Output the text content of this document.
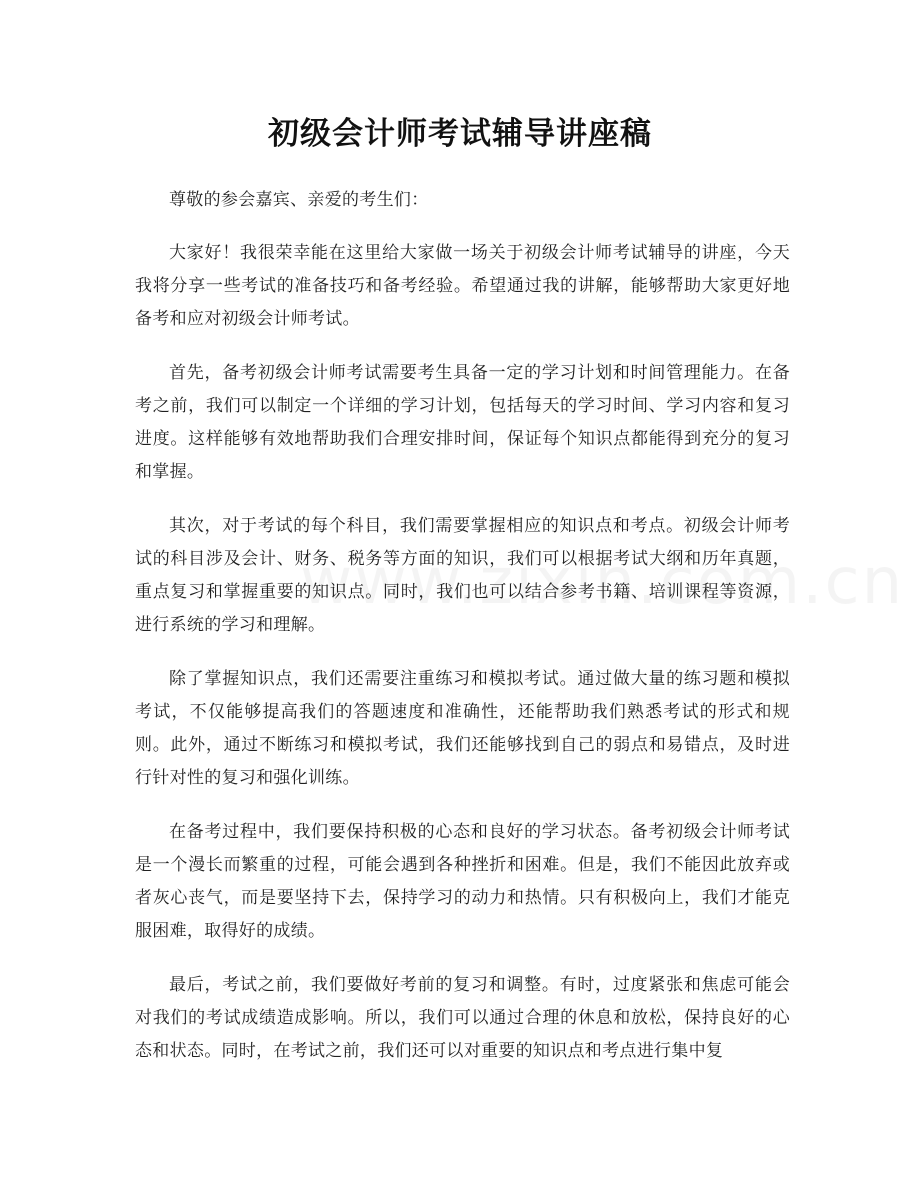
初级会计师考试辅导讲座稿

尊敬的参会嘉宾、亲爱的考生们：

大家好！我很荣幸能在这里给大家做一场关于初级会计师考试辅导的讲座，今天我将分享一些考试的准备技巧和备考经验。希望通过我的讲解，能够帮助大家更好地备考和应对初级会计师考试。

首先，备考初级会计师考试需要考生具备一定的学习计划和时间管理能力。在备考之前，我们可以制定一个详细的学习计划，包括每天的学习时间、学习内容和复习进度。这样能够有效地帮助我们合理安排时间，保证每个知识点都能得到充分的复习和掌握。

其次，对于考试的每个科目，我们需要掌握相应的知识点和考点。初级会计师考试的科目涉及会计、财务、税务等方面的知识，我们可以根据考试大纲和历年真题，重点复习和掌握重要的知识点。同时，我们也可以结合参考书籍、培训课程等资源，进行系统的学习和理解。

除了掌握知识点，我们还需要注重练习和模拟考试。通过做大量的练习题和模拟考试，不仅能够提高我们的答题速度和准确性，还能帮助我们熟悉考试的形式和规则。此外，通过不断练习和模拟考试，我们还能够找到自己的弱点和易错点，及时进行针对性的复习和强化训练。

在备考过程中，我们要保持积极的心态和良好的学习状态。备考初级会计师考试是一个漫长而繁重的过程，可能会遇到各种挫折和困难。但是，我们不能因此放弃或者灰心丧气，而是要坚持下去，保持学习的动力和热情。只有积极向上，我们才能克服困难，取得好的成绩。

最后，考试之前，我们要做好考前的复习和调整。有时，过度紧张和焦虑可能会对我们的考试成绩造成影响。所以，我们可以通过合理的休息和放松，保持良好的心态和状态。同时，在考试之前，我们还可以对重要的知识点和考点进行集中复
